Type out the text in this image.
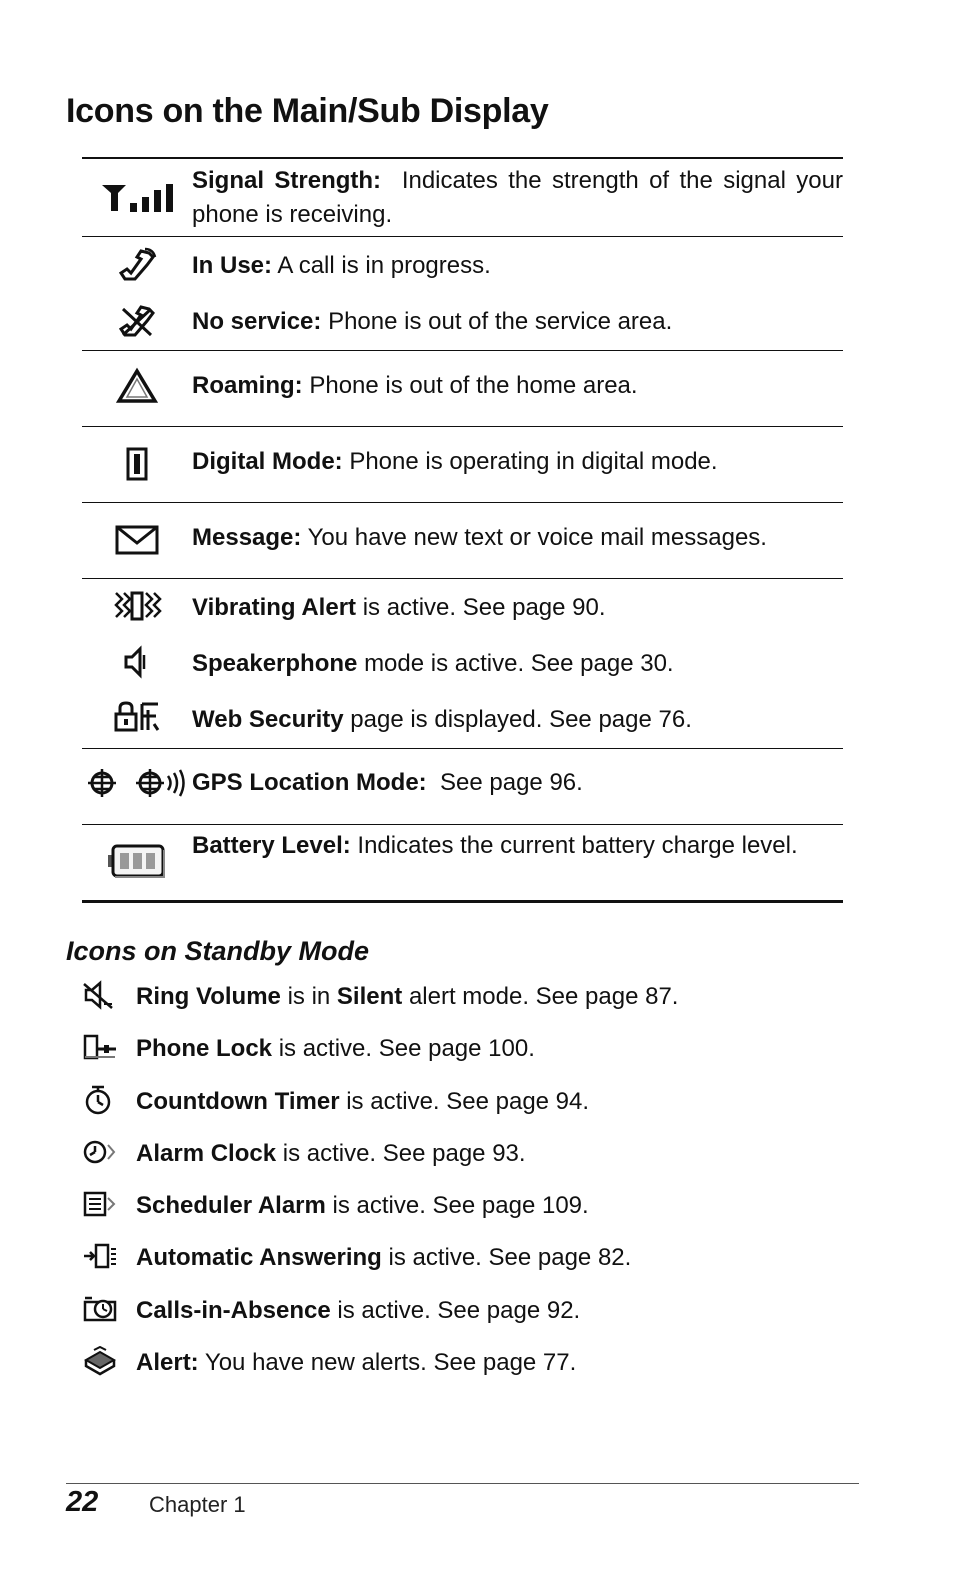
Icons on the Main/Sub Display
Signal Strength: Indicates the strength of the signal your phone is receiving.
In Use: A call is in progress.
No service: Phone is out of the service area.
Roaming: Phone is out of the home area.
Digital Mode: Phone is operating in digital mode.
Message: You have new text or voice mail messages.
Vibrating Alert is active. See page 90.
Speakerphone mode is active. See page 30.
Web Security page is displayed. See page 76.
GPS Location Mode: See page 96.
Battery Level: Indicates the current battery charge level.
Icons on Standby Mode
Ring Volume is in Silent alert mode. See page 87.
Phone Lock is active. See page 100.
Countdown Timer is active. See page 94.
Alarm Clock is active. See page 93.
Scheduler Alarm is active. See page 109.
Automatic Answering is active. See page 82.
Calls-in-Absence is active. See page 92.
Alert: You have new alerts. See page 77.
22 Chapter 1
